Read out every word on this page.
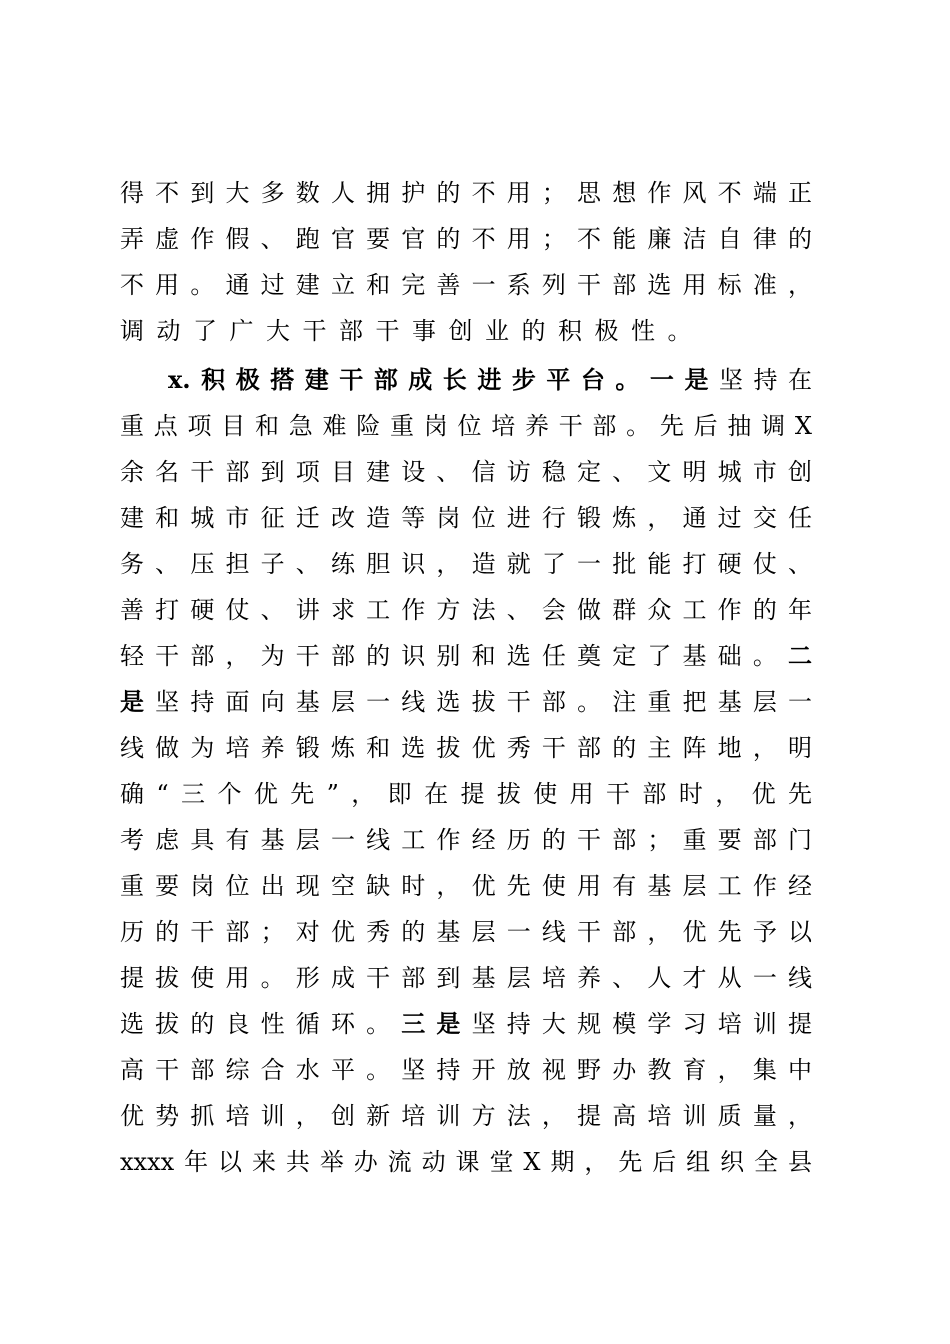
得不到大多数人拥护的不用；思想作风不端正
弄虚作假、跑官要官的不用；不能廉洁自律的
不用。通过建立和完善一系列干部选用标准，
调动了广大干部干事创业的积极性。
x.积极搭建干部成长进步平台。一是坚持在
重点项目和急难险重岗位培养干部。先后抽调X
余名干部到项目建设、信访稳定、文明城市创
建和城市征迁改造等岗位进行锻炼，通过交任
务、压担子、练胆识，造就了一批能打硬仗、
善打硬仗、讲求工作方法、会做群众工作的年
轻干部，为干部的识别和选任奠定了基础。二
是坚持面向基层一线选拔干部。注重把基层一
线做为培养锻炼和选拔优秀干部的主阵地，明
确“三个优先”，即在提拔使用干部时，优先
考虑具有基层一线工作经历的干部；重要部门
重要岗位出现空缺时，优先使用有基层工作经
历的干部；对优秀的基层一线干部，优先予以
提拔使用。形成干部到基层培养、人才从一线
选拔的良性循环。三是坚持大规模学习培训提
高干部综合水平。坚持开放视野办教育，集中
优势抓培训，创新培训方法，提高培训质量，
xxxx年以来共举办流动课堂X期，先后组织全县
